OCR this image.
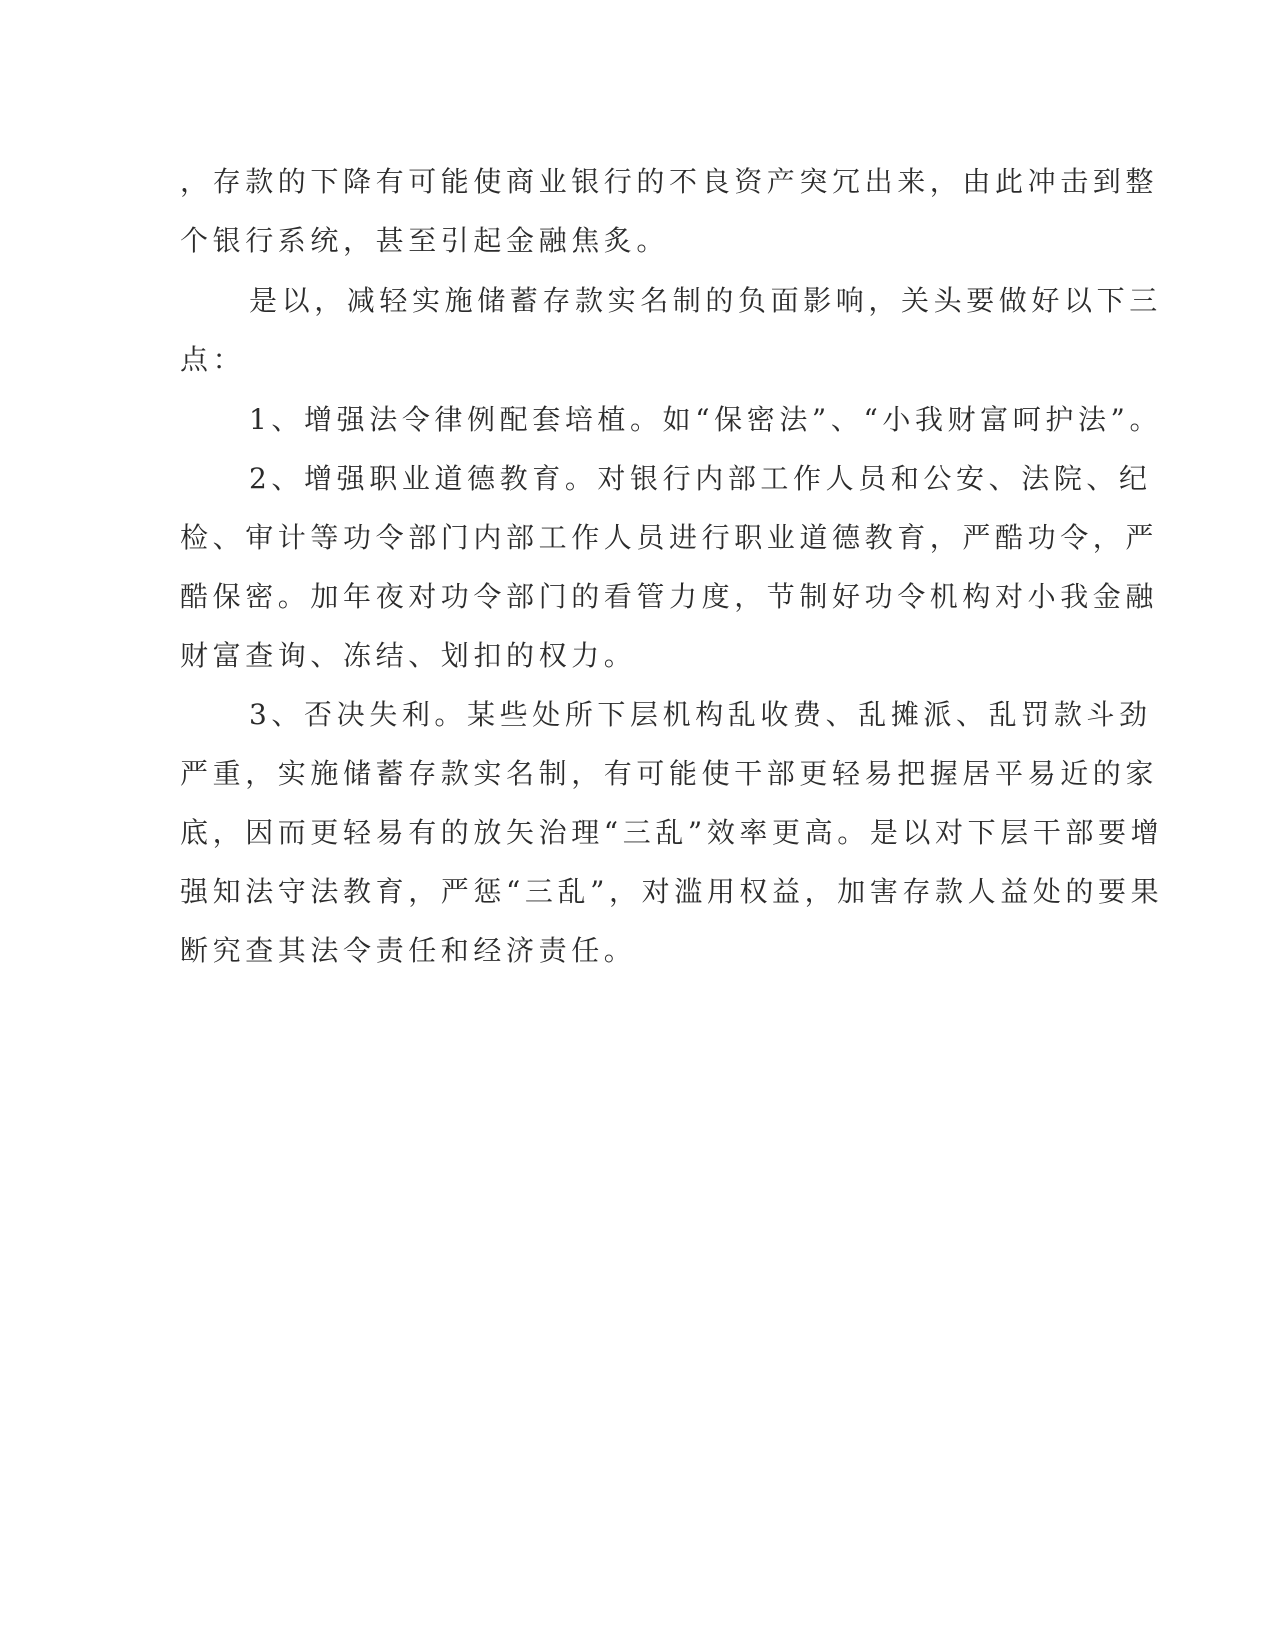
，存款的下降有可能使商业银行的不良资产突冗出来，由此冲击到整
个银行系统，甚至引起金融焦炙。
是以，减轻实施储蓄存款实名制的负面影响，关头要做好以下三
点：
1、增强法令律例配套培植。如“保密法”、“小我财富呵护法”。
2、增强职业道德教育。对银行内部工作人员和公安、法院、纪
检、审计等功令部门内部工作人员进行职业道德教育，严酷功令，严
酷保密。加年夜对功令部门的看管力度，节制好功令机构对小我金融
财富查询、冻结、划扣的权力。
3、否决失利。某些处所下层机构乱收费、乱摊派、乱罚款斗劲
严重，实施储蓄存款实名制，有可能使干部更轻易把握居平易近的家
底，因而更轻易有的放矢治理“三乱”效率更高。是以对下层干部要增
强知法守法教育，严惩“三乱”，对滥用权益，加害存款人益处的要果
断究查其法令责任和经济责任。
